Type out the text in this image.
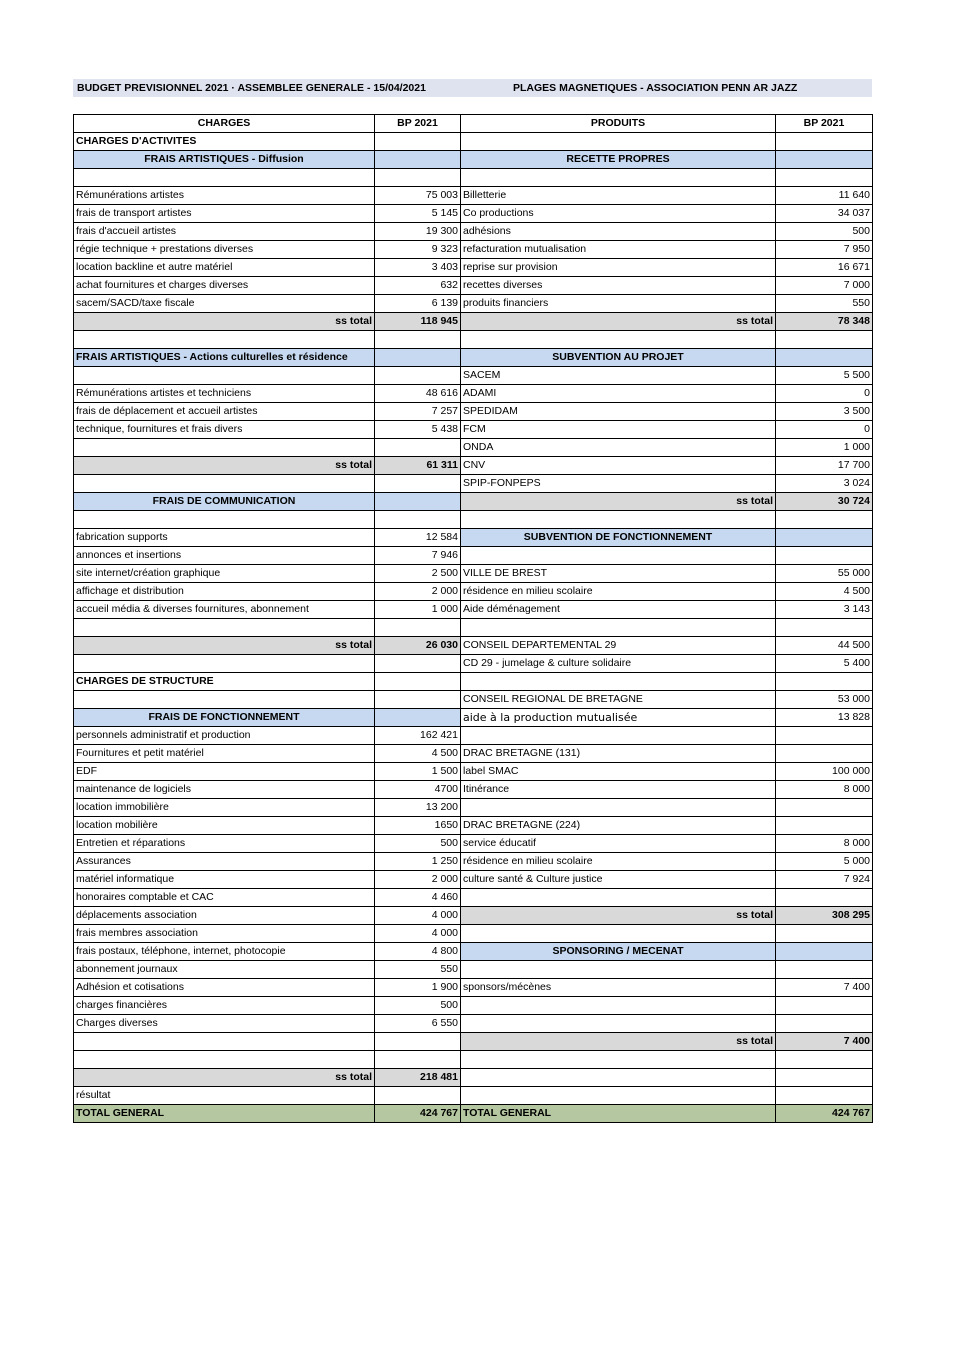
BUDGET PREVISIONNEL 2021 · ASSEMBLEE GENERALE - 15/04/2021	PLAGES MAGNETIQUES - ASSOCIATION PENN AR JAZZ
CHARGES	BP 2021	PRODUITS	BP 2021
CHARGES D'ACTIVITES			
FRAIS ARTISTIQUES - Diffusion		RECETTE PROPRES	

Rémunérations artistes	75 003	Billetterie	11 640
frais de transport artistes	5 145	Co productions	34 037
frais d'accueil artistes	19 300	adhésions	500
régie technique + prestations diverses	9 323	refacturation mutualisation	7 950
location backline et autre matériel	3 403	reprise sur provision	16 671
achat fournitures et charges diverses	632	recettes diverses	7 000
sacem/SACD/taxe fiscale	6 139	produits financiers	550
ss total	118 945	ss total	78 348

FRAIS ARTISTIQUES - Actions culturelles et résidence		SUBVENTION AU PROJET	
		SACEM	5 500
Rémunérations artistes et techniciens	48 616	ADAMI	0
frais de déplacement et accueil artistes	7 257	SPEDIDAM	3 500
technique, fournitures et frais divers	5 438	FCM	0
		ONDA	1 000
ss total	61 311	CNV	17 700
		SPIP-FONPEPS	3 024
FRAIS DE COMMUNICATION		ss total	30 724

fabrication supports	12 584	SUBVENTION DE FONCTIONNEMENT	
annonces et insertions	7 946		
site internet/création graphique	2 500	VILLE DE BREST	55 000
affichage et distribution	2 000	résidence en milieu scolaire	4 500
accueil média & diverses fournitures, abonnement	1 000	Aide déménagement	3 143

ss total	26 030	CONSEIL DEPARTEMENTAL 29	44 500
		CD 29 - jumelage & culture solidaire	5 400
CHARGES DE STRUCTURE			
		CONSEIL REGIONAL DE BRETAGNE	53 000
FRAIS DE FONCTIONNEMENT		aide à la production mutualisée	13 828
personnels administratif et production	162 421		
Fournitures et petit matériel	4 500	DRAC BRETAGNE (131)	
EDF	1 500	label SMAC	100 000
maintenance de logiciels	4700	Itinérance	8 000
location immobilière	13 200		
location mobilière	1650	DRAC BRETAGNE (224)	
Entretien et réparations	500	service éducatif	8 000
Assurances	1 250	résidence en milieu scolaire	5 000
matériel informatique	2 000	culture santé & Culture justice	7 924
honoraires comptable et CAC	4 460		
déplacements association	4 000	ss total	308 295
frais membres association	4 000		
frais postaux, téléphone, internet, photocopie	4 800	SPONSORING / MECENAT	
abonnement journaux	550		
Adhésion et cotisations	1 900	sponsors/mécènes	7 400
charges financières	500		
Charges diverses	6 550		
		ss total	7 400

ss total	218 481		
résultat			
TOTAL GENERAL	424 767	TOTAL GENERAL	424 767
